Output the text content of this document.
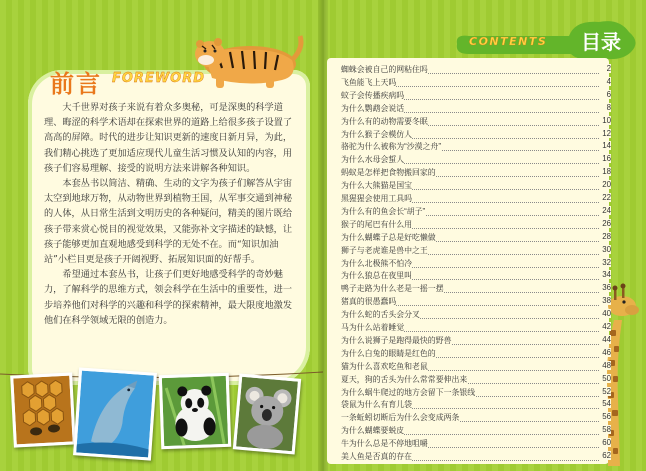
前言 FOREWORD

大千世界对孩子来说有着众多奥秘，可是深奥的科学道理、晦涩的科学术语却在探索世界的道路上给很多孩子设置了高高的屏障。时代的进步让知识更新的速度日新月异，为此，我们精心挑选了更加适应现代儿童生活习惯及认知的内容，用孩子们容易理解、接受的说明方法来讲解各种知识。

本套丛书以简洁、精确、生动的文字为孩子们解答从宇宙太空到地球万物，从动物世界到植物王国，从军事交通到神秘的人体，从日常生活到文明历史的各种疑问，精美的图片既给孩子带来赏心悦目的视觉效果，又能弥补文字描述的缺憾，让孩子能够更加直观地感受到科学的无处不在。而“知识加油站”小栏目更是孩子开阔视野、拓展知识面的好帮手。

希望通过本套丛书，让孩子们更好地感受科学的奇妙魅力，了解科学的思维方式，领会科学在生活中的重要性，进一步培养他们对科学的兴趣和科学的探索精神，最大限度地激发他们在科学领域无限的创造力。

CONTENTS 目录
蜘蛛会被自己的网粘住吗	2
飞鱼能飞上天吗	4
蚊子会传播疾病吗	6
为什么鹦鹉会说话	8
为什么有的动物需要冬眠	10
为什么猴子会模仿人	12
骆驼为什么被称为“沙漠之舟”	14
为什么水母会蜇人	16
蚂蚁是怎样把食物搬回家的	18
为什么大熊猫是国宝	20
黑猩猩会使用工具吗	22
为什么有的鱼会长“胡子”	24
猴子的尾巴有什么用	26
为什么蝴蝶子总是好吃懒做	28
狮子与老虎谁是兽中之王	30
为什么北极熊不怕冷	32
为什么狼总在夜里叫	34
鸭子走路为什么老是一摇一摆	36
猪真的很愚蠢吗	38
为什么蛇的舌头会分叉	40
马为什么站着睡觉	42
为什么说狮子是跑得最快的野兽	44
为什么白兔的眼睛是红色的	46
猫为什么喜欢吃鱼和老鼠	48
夏天，狗的舌头为什么常常要伸出来	50
为什么蜗牛爬过的地方会留下一条银线	52
袋鼠为什么有育儿袋	54
一条蚯蚓切断后为什么会变成两条	56
为什么蝴蝶要蜕皮	58
牛为什么总是不停地咀嚼	60
美人鱼是否真的存在	62
